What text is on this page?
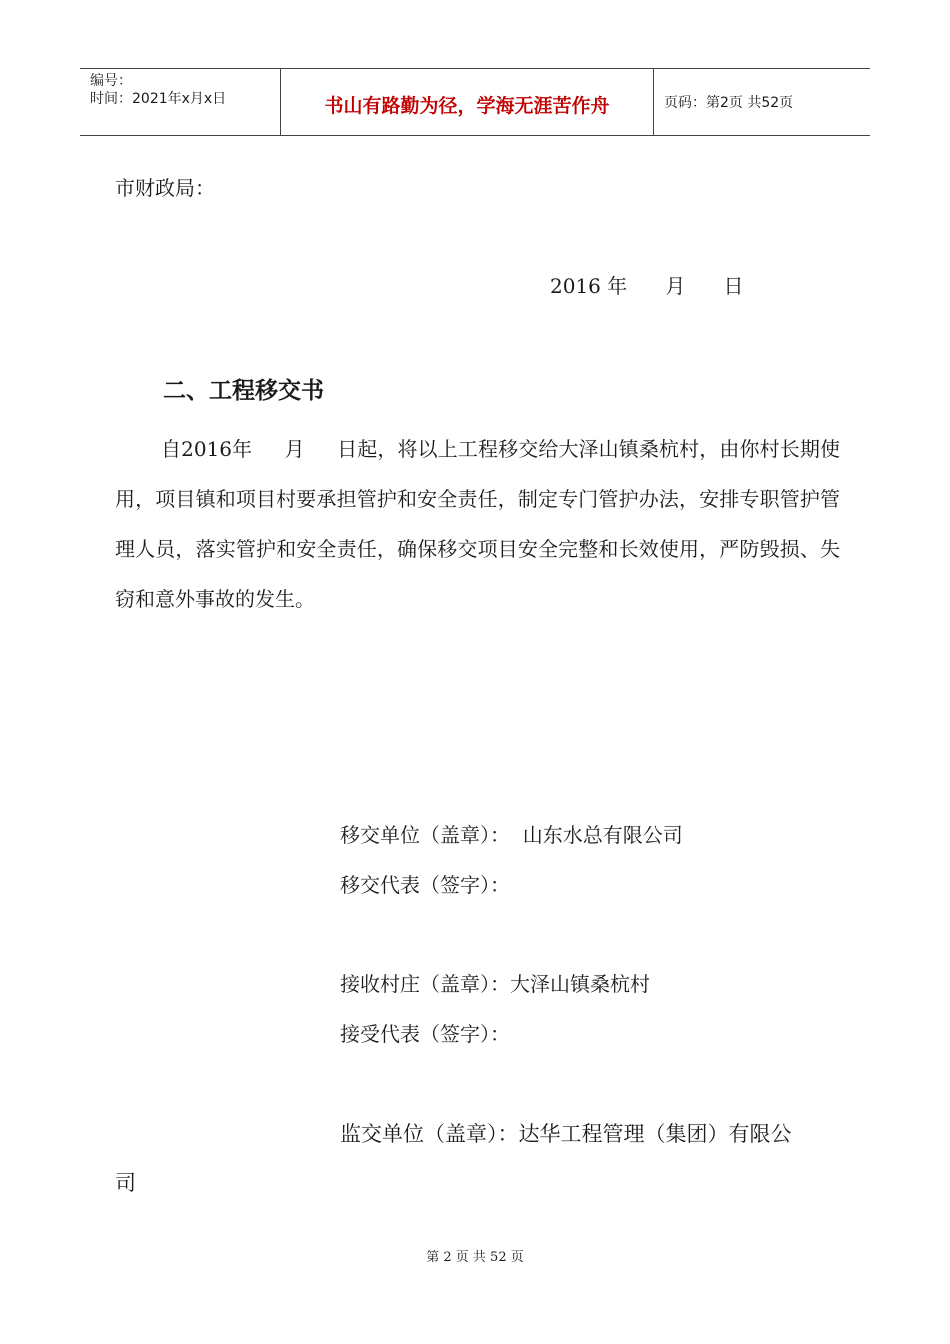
编号：
时间：2021年x月x日	书山有路勤为径，学海无涯苦作舟	页码：第2页 共52页
市财政局：
2016 年      月      日
二、工程移交书

自2016年     月     日起，将以上工程移交给大泽山镇桑杭村，由你村长期使用，项目镇和项目村要承担管护和安全责任，制定专门管护办法，安排专职管护管理人员，落实管护和安全责任，确保移交项目安全完整和长效使用，严防毁损、失窃和意外事故的发生。

移交单位（盖章）：  山东水总有限公司
移交代表（签字）：
接收村庄（盖章）：大泽山镇桑杭村
接受代表（签字）：
监交单位（盖章）：达华工程管理（集团）有限公
司
第 2 页 共 52 页
